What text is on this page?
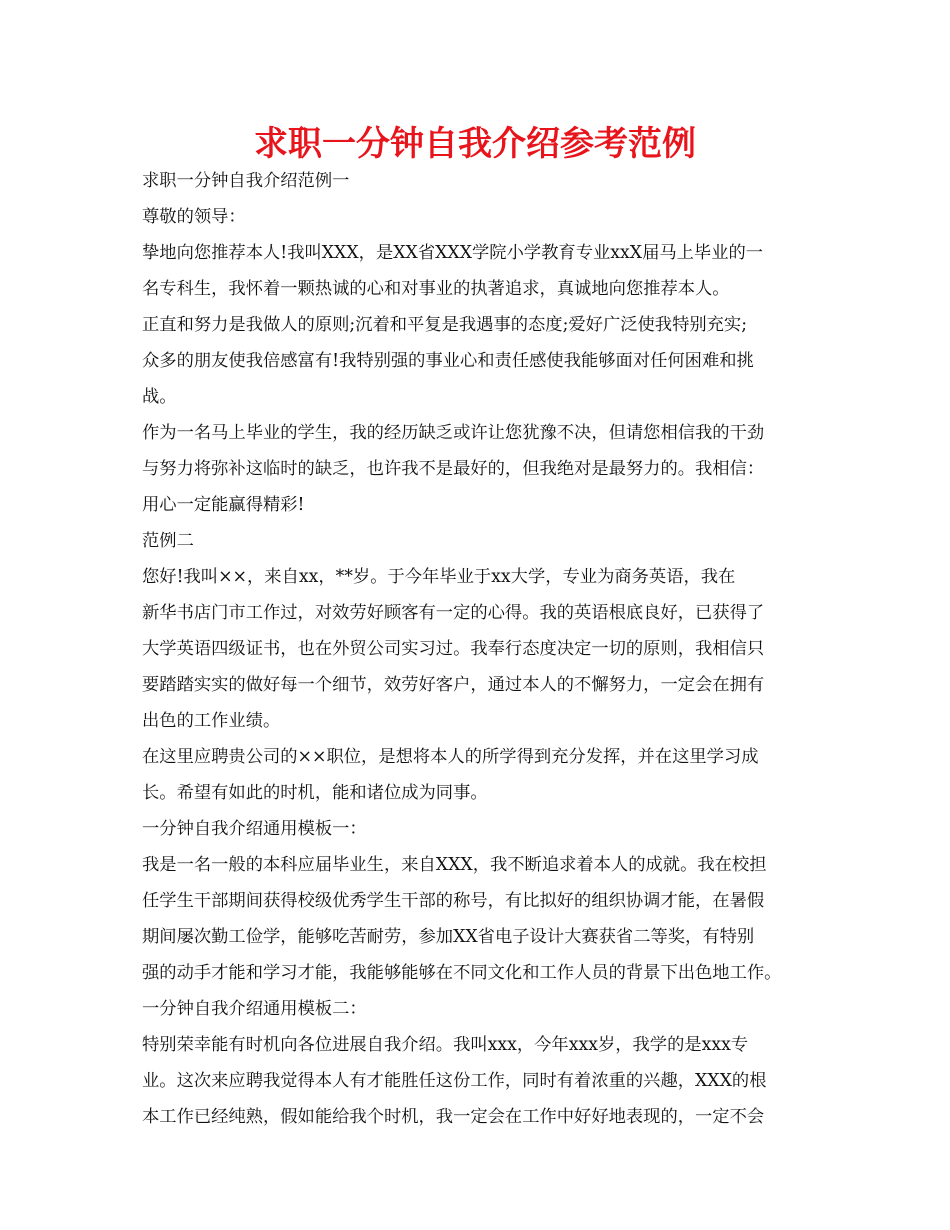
求职一分钟自我介绍参考范例
求职一分钟自我介绍范例一
尊敬的领导：
挚地向您推荐本人!我叫XXX，是XX省XXX学院小学教育专业xxX届马上毕业的一
名专科生，我怀着一颗热诚的心和对事业的执著追求，真诚地向您推荐本人。
正直和努力是我做人的原则;沉着和平复是我遇事的态度;爱好广泛使我特别充实;
众多的朋友使我倍感富有!我特别强的事业心和责任感使我能够面对任何困难和挑
战。
作为一名马上毕业的学生，我的经历缺乏或许让您犹豫不决，但请您相信我的干劲
与努力将弥补这临时的缺乏，也许我不是最好的，但我绝对是最努力的。我相信：
用心一定能赢得精彩!
范例二
您好!我叫××，来自xx，**岁。于今年毕业于xx大学，专业为商务英语，我在
新华书店门市工作过，对效劳好顾客有一定的心得。我的英语根底良好，已获得了
大学英语四级证书，也在外贸公司实习过。我奉行态度决定一切的原则，我相信只
要踏踏实实的做好每一个细节，效劳好客户，通过本人的不懈努力，一定会在拥有
出色的工作业绩。
在这里应聘贵公司的××职位，是想将本人的所学得到充分发挥，并在这里学习成
长。希望有如此的时机，能和诸位成为同事。
一分钟自我介绍通用模板一：
我是一名一般的本科应届毕业生，来自XXX，我不断追求着本人的成就。我在校担
任学生干部期间获得校级优秀学生干部的称号，有比拟好的组织协调才能，在暑假
期间屡次勤工俭学，能够吃苦耐劳，参加XX省电子设计大赛获省二等奖，有特别
强的动手才能和学习才能，我能够能够在不同文化和工作人员的背景下出色地工作。
一分钟自我介绍通用模板二：
特别荣幸能有时机向各位进展自我介绍。我叫xxx，今年xxx岁，我学的是xxx专
业。这次来应聘我觉得本人有才能胜任这份工作，同时有着浓重的兴趣，XXX的根
本工作已经纯熟，假如能给我个时机，我一定会在工作中好好地表现的，一定不会
